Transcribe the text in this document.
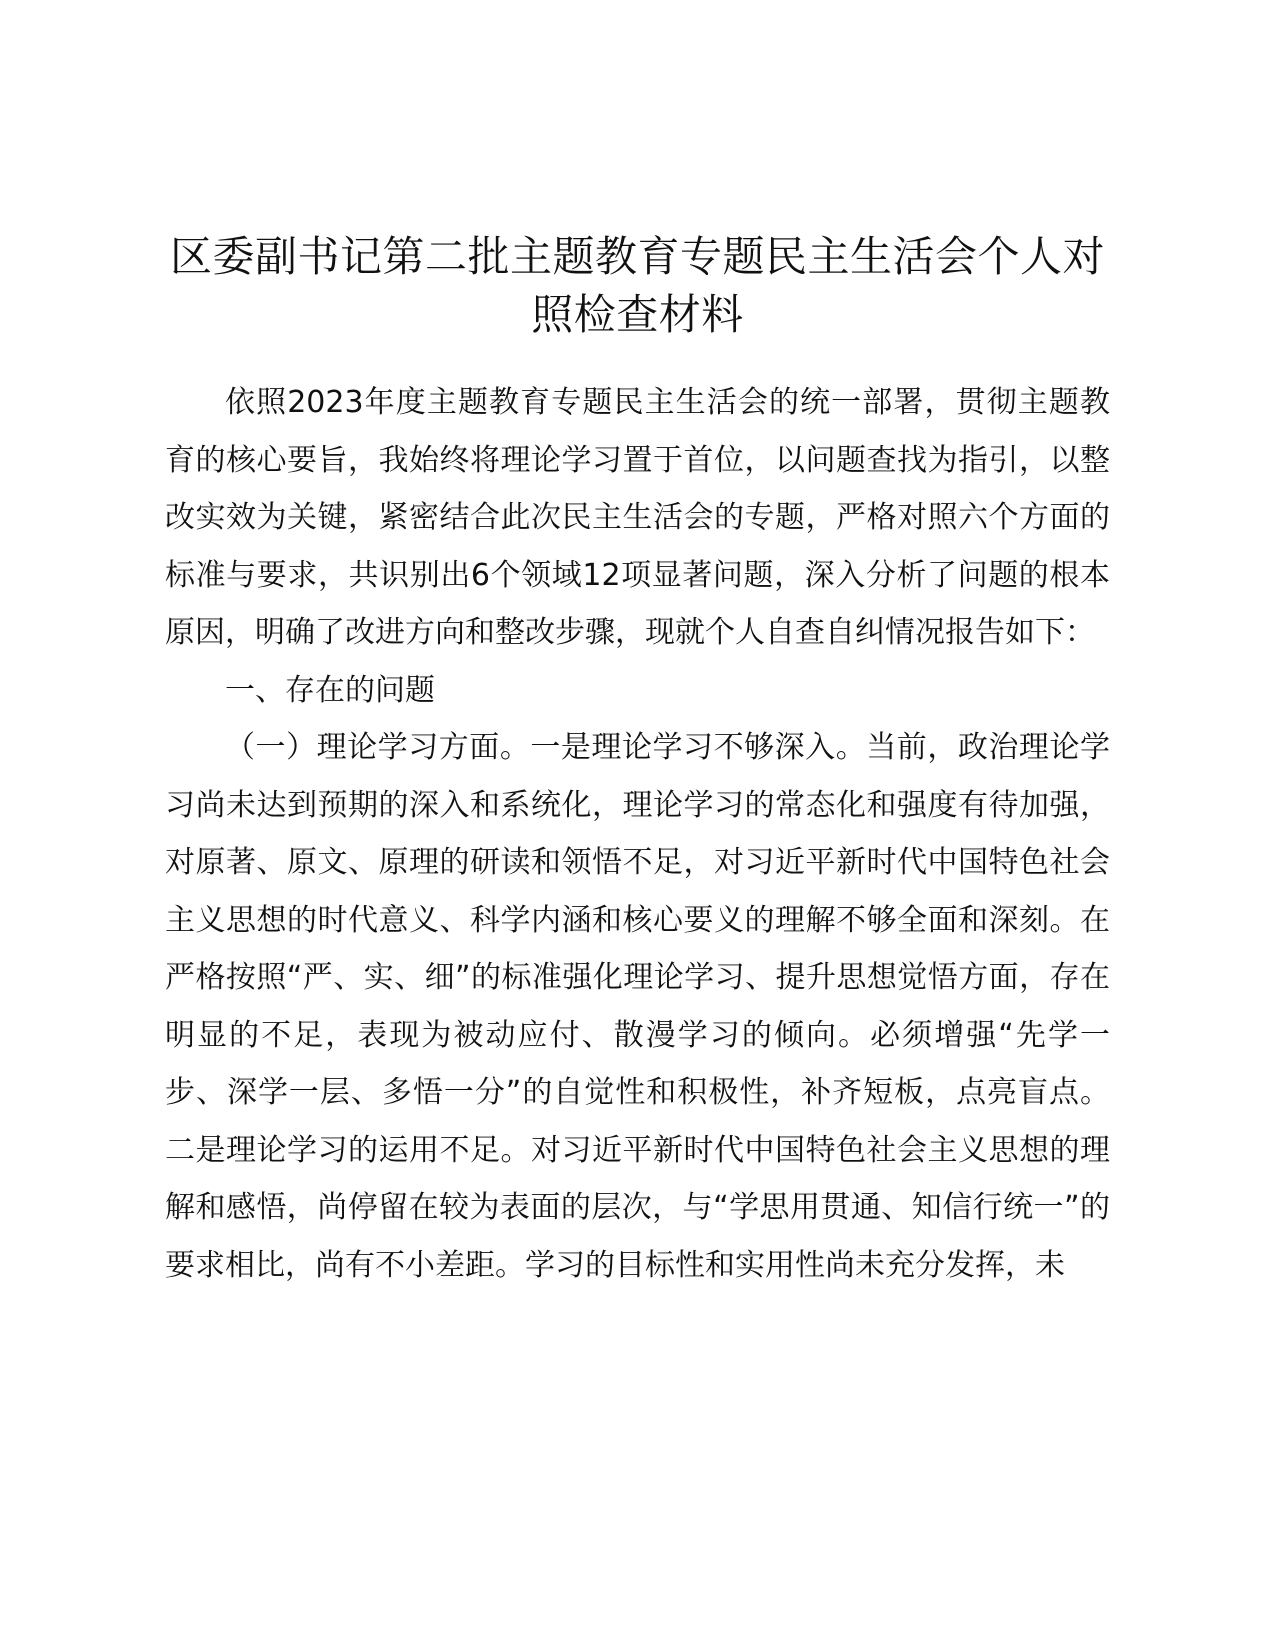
区委副书记第二批主题教育专题民主生活会个人对照检查材料

依照2023年度主题教育专题民主生活会的统一部署，贯彻主题教育的核心要旨，我始终将理论学习置于首位，以问题查找为指引，以整改实效为关键，紧密结合此次民主生活会的专题，严格对照六个方面的标准与要求，共识别出6个领域12项显著问题，深入分析了问题的根本原因，明确了改进方向和整改步骤，现就个人自查自纠情况报告如下：

一、存在的问题

（一）理论学习方面。一是理论学习不够深入。当前，政治理论学习尚未达到预期的深入和系统化，理论学习的常态化和强度有待加强，对原著、原文、原理的研读和领悟不足，对习近平新时代中国特色社会主义思想的时代意义、科学内涵和核心要义的理解不够全面和深刻。在严格按照“严、实、细”的标准强化理论学习、提升思想觉悟方面，存在明显的不足，表现为被动应付、散漫学习的倾向。必须增强“先学一步、深学一层、多悟一分”的自觉性和积极性，补齐短板，点亮盲点。二是理论学习的运用不足。对习近平新时代中国特色社会主义思想的理解和感悟，尚停留在较为表面的层次，与“学思用贯通、知信行统一”的要求相比，尚有不小差距。学习的目标性和实用性尚未充分发挥，未
